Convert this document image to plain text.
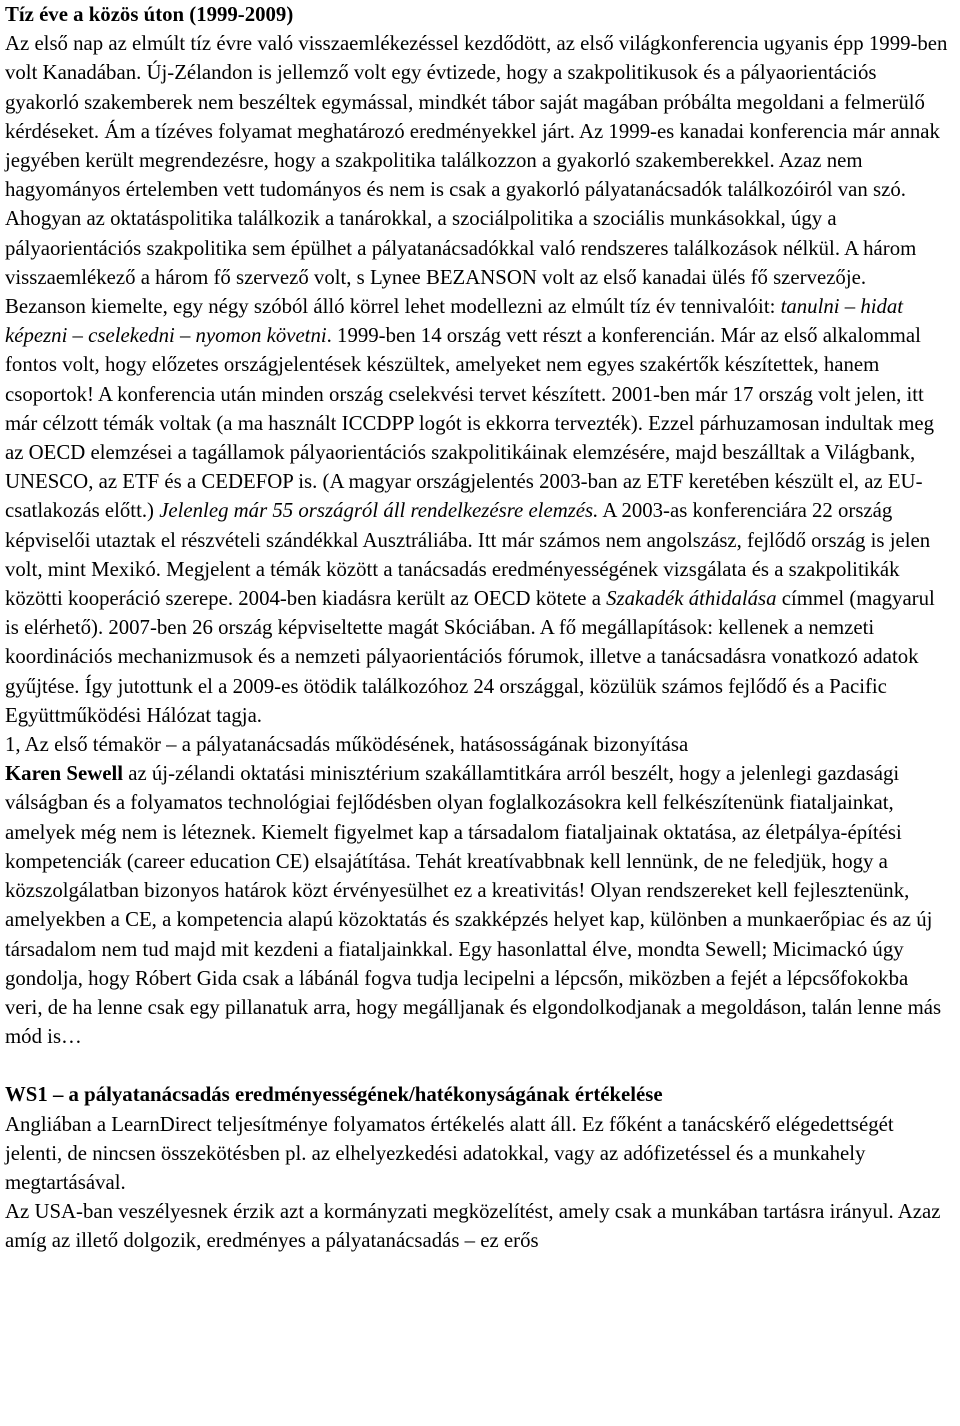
Tíz éve a közös úton (1999-2009)

Az első nap az elmúlt tíz évre való visszaemlékezéssel kezdődött, az első világkonferencia ugyanis épp 1999-ben volt Kanadában. Új-Zélandon is jellemző volt egy évtizede, hogy a szakpolitikusok és a pályaorientációs gyakorló szakemberek nem beszéltek egymással, mindkét tábor saját magában próbálta megoldani a felmerülő kérdéseket. Ám a tízéves folyamat meghatározó eredményekkel járt. Az 1999-es kanadai konferencia már annak jegyében került megrendezésre, hogy a szakpolitika találkozzon a gyakorló szakemberekkel. Azaz nem hagyományos értelemben vett tudományos és nem is csak a gyakorló pályatanácsadók találkozóiról van szó. Ahogyan az oktatáspolitika találkozik a tanárokkal, a szociálpolitika a szociális munkásokkal, úgy a pályaorientációs szakpolitika sem épülhet a pályatanácsadókkal való rendszeres találkozások nélkül. A három visszaemlékező a három fő szervező volt, s Lynee BEZANSON volt az első kanadai ülés fő szervezője.

Bezanson kiemelte, egy négy szóból álló körrel lehet modellezni az elmúlt tíz év tennivalóit: tanulni – hidat képezni – cselekedni – nyomon követni. 1999-ben 14 ország vett részt a konferencián. Már az első alkalommal fontos volt, hogy előzetes országjelentések készültek, amelyeket nem egyes szakértők készítettek, hanem csoportok! A konferencia után minden ország cselekvési tervet készített. 2001-ben már 17 ország volt jelen, itt már célzott témák voltak (a ma használt ICCDPP logót is ekkorra tervezték). Ezzel párhuzamosan indultak meg az OECD elemzései a tagállamok pályaorientációs szakpolitikáinak elemzésére, majd beszálltak a Világbank, UNESCO, az ETF és a CEDEFOP is. (A magyar országjelentés 2003-ban az ETF keretében készült el, az EU-csatlakozás előtt.) Jelenleg már 55 országról áll rendelkezésre elemzés. A 2003-as konferenciára 22 ország képviselői utaztak el részvételi szándékkal Ausztráliába. Itt már számos nem angolszász, fejlődő ország is jelen volt, mint Mexikó. Megjelent a témák között a tanácsadás eredményességének vizsgálata és a szakpolitikák közötti kooperáció szerepe. 2004-ben kiadásra került az OECD kötete a Szakadék áthidalása címmel (magyarul is elérhető). 2007-ben 26 ország képviseltette magát Skóciában. A fő megállapítások: kellenek a nemzeti koordinációs mechanizmusok és a nemzeti pályaorientációs fórumok, illetve a tanácsadásra vonatkozó adatok gyűjtése. Így jutottunk el a 2009-es ötödik találkozóhoz 24 országgal, közülük számos fejlődő és a Pacific Együttműködési Hálózat tagja.

1, Az első témakör – a pályatanácsadás működésének, hatásosságának bizonyítása

Karen Sewell az új-zélandi oktatási minisztérium szakállamtitkára arról beszélt, hogy a jelenlegi gazdasági válságban és a folyamatos technológiai fejlődésben olyan foglalkozásokra kell felkészítenünk fiataljainkat, amelyek még nem is léteznek. Kiemelt figyelmet kap a társadalom fiataljainak oktatása, az életpálya-építési kompetenciák (career education CE) elsajátítása. Tehát kreatívabbnak kell lennünk, de ne feledjük, hogy a közszolgálatban bizonyos határok közt érvényesülhet ez a kreativitás! Olyan rendszereket kell fejlesztenünk, amelyekben a CE, a kompetencia alapú közoktatás és szakképzés helyet kap, különben a munkaerőpiac és az új társadalom nem tud majd mit kezdeni a fiataljainkkal. Egy hasonlattal élve, mondta Sewell; Micimackó úgy gondolja, hogy Róbert Gida csak a lábánál fogva tudja lecipelni a lépcsőn, miközben a fejét a lépcsőfokokba veri, de ha lenne csak egy pillanatuk arra, hogy megálljanak és elgondolkodjanak a megoldáson, talán lenne más mód is…

WS1 – a pályatanácsadás eredményességének/hatékonyságának értékelése

Angliában a LearnDirect teljesítménye folyamatos értékelés alatt áll. Ez főként a tanácskérő elégedettségét jelenti, de nincsen összekötésben pl. az elhelyezkedési adatokkal, vagy az adófizetéssel és a munkahely megtartásával.

Az USA-ban veszélyesnek érzik azt a kormányzati megközelítést, amely csak a munkában tartásra irányul. Azaz amíg az illető dolgozik, eredményes a pályatanácsadás – ez erős
